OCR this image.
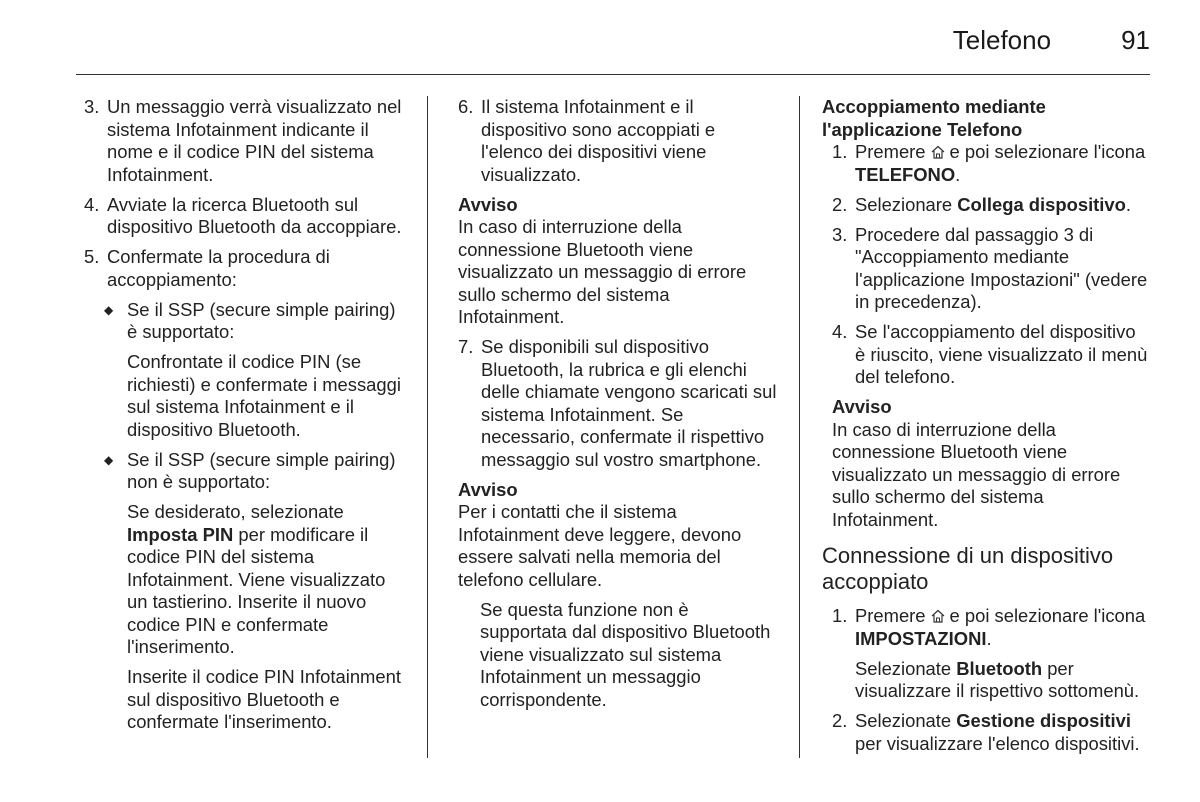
Telefono	91
3. Un messaggio verrà visualizzato nel sistema Infotainment indicante il nome e il codice PIN del sistema Infotainment.
4. Avviate la ricerca Bluetooth sul dispositivo Bluetooth da accoppiare.
5. Confermate la procedura di accoppiamento:
◆ Se il SSP (secure simple pairing) è supportato:
Confrontate il codice PIN (se richiesti) e confermate i messaggi sul sistema Infotainment e il dispositivo Bluetooth.
◆ Se il SSP (secure simple pairing) non è supportato:
Se desiderato, selezionate Imposta PIN per modificare il codice PIN del sistema Infotainment. Viene visualizzato un tastierino. Inserite il nuovo codice PIN e confermate l'inserimento.
Inserite il codice PIN Infotainment sul dispositivo Bluetooth e confermate l'inserimento.
6. Il sistema Infotainment e il dispositivo sono accoppiati e l'elenco dei dispositivi viene visualizzato.
Avviso
In caso di interruzione della connessione Bluetooth viene visualizzato un messaggio di errore sullo schermo del sistema Infotainment.
7. Se disponibili sul dispositivo Bluetooth, la rubrica e gli elenchi delle chiamate vengono scaricati sul sistema Infotainment. Se necessario, confermate il rispettivo messaggio sul vostro smartphone.
Avviso
Per i contatti che il sistema Infotainment deve leggere, devono essere salvati nella memoria del telefono cellulare.
Se questa funzione non è supportata dal dispositivo Bluetooth viene visualizzato sul sistema Infotainment un messaggio corrispondente.
Accoppiamento mediante l'applicazione Telefono
1. Premere e poi selezionare l'icona TELEFONO.
2. Selezionare Collega dispositivo.
3. Procedere dal passaggio 3 di "Accoppiamento mediante l'applicazione Impostazioni" (vedere in precedenza).
4. Se l'accoppiamento del dispositivo è riuscito, viene visualizzato il menù del telefono.
Avviso
In caso di interruzione della connessione Bluetooth viene visualizzato un messaggio di errore sullo schermo del sistema Infotainment.
Connessione di un dispositivo accoppiato
1. Premere e poi selezionare l'icona IMPOSTAZIONI.
Selezionate Bluetooth per visualizzare il rispettivo sottomenù.
2. Selezionate Gestione dispositivi per visualizzare l'elenco dispositivi.
